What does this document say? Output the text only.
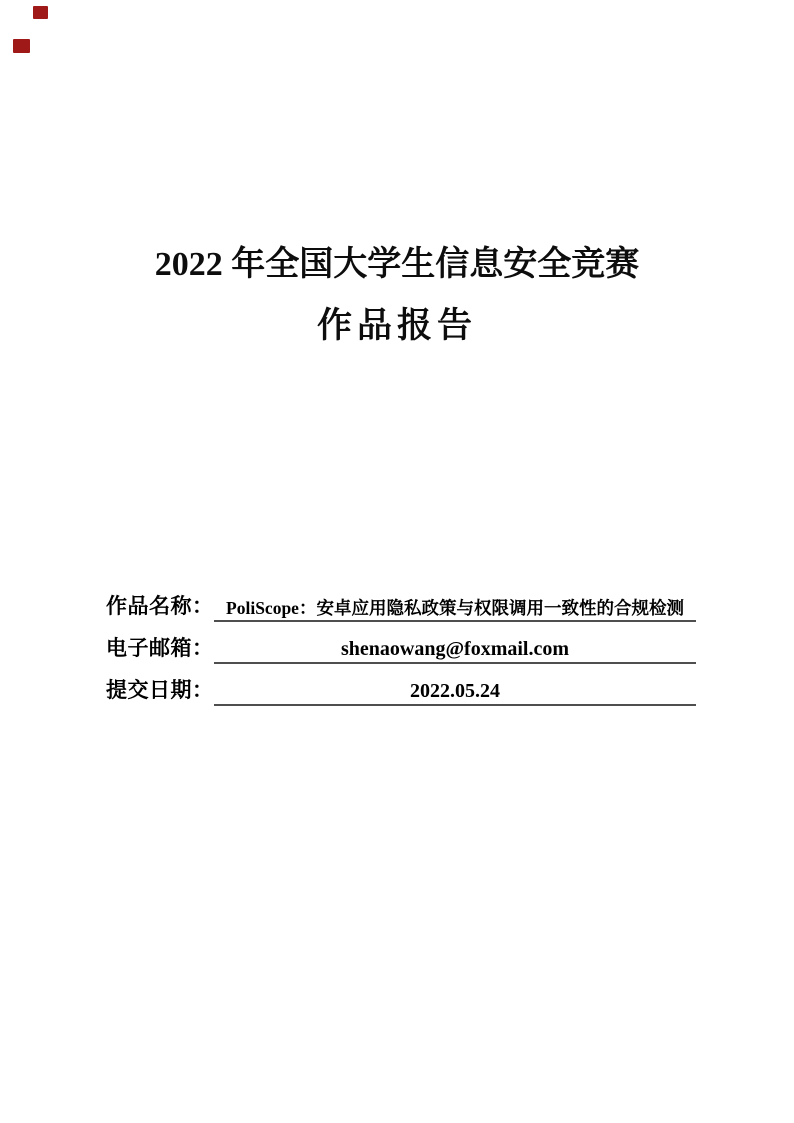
2022 年全国大学生信息安全竞赛
作品报告
作品名称： PoliScope：安卓应用隐私政策与权限调用一致性的合规检测
电子邮箱：	shenaowang@foxmail.com
提交日期：	2022.05.24
